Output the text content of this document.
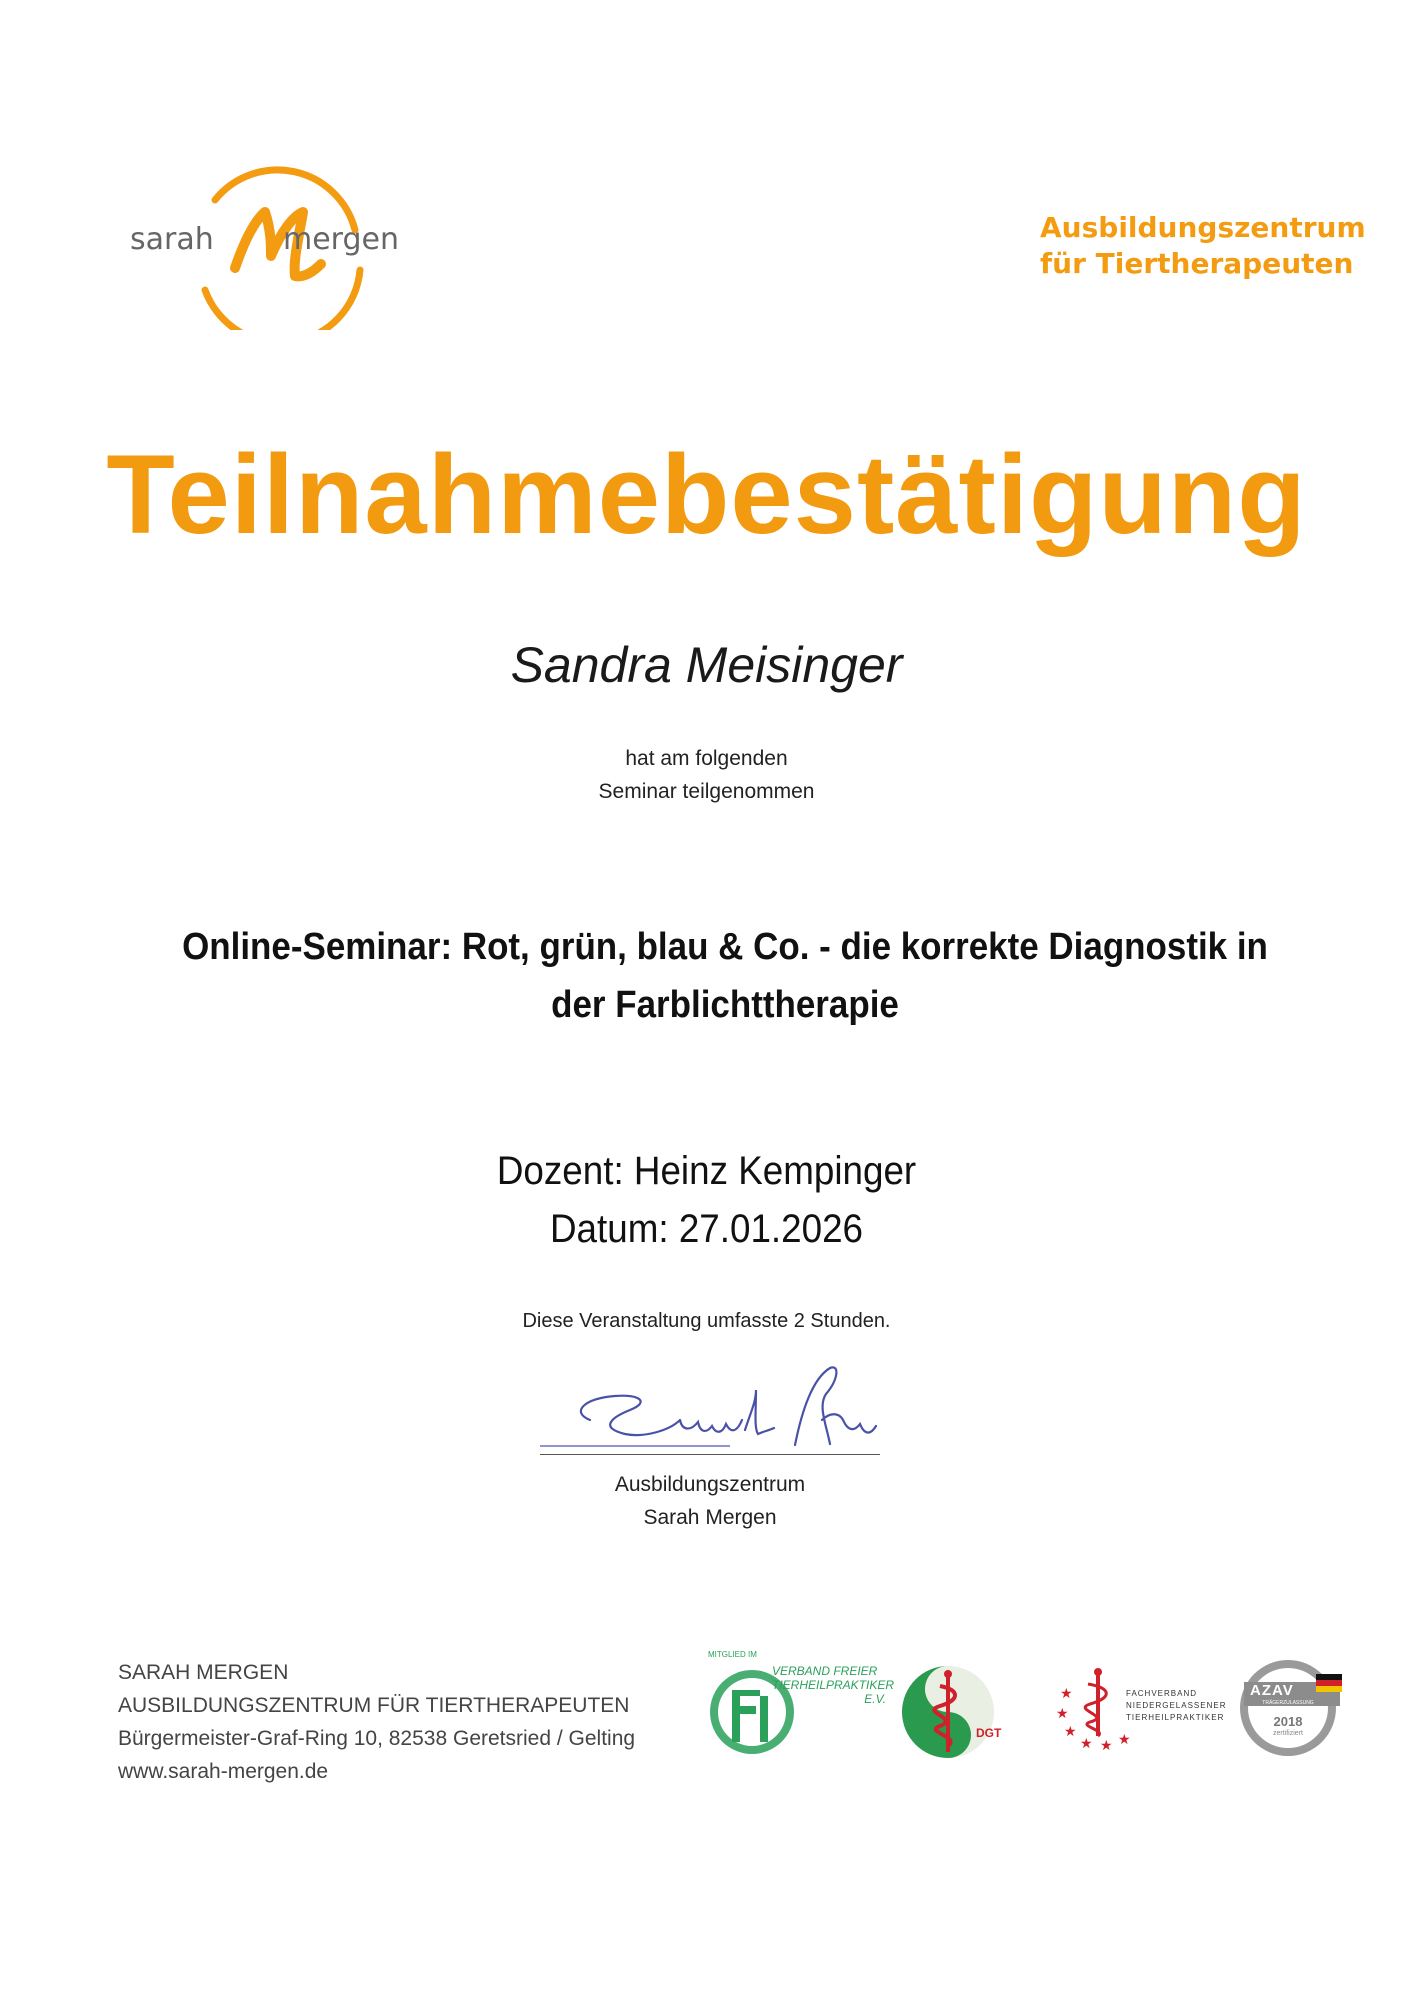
sarah mergen	Ausbildungszentrum
für Tiertherapeuten
Teilnahmebestätigung
Sandra Meisinger
hat am folgenden
Seminar teilgenommen
Online-Seminar: Rot, grün, blau & Co. - die korrekte Diagnostik in
der Farblichttherapie
Dozent: Heinz Kempinger
Datum: 27.01.2026
Diese Veranstaltung umfasste 2 Stunden.
Ausbildungszentrum
Sarah Mergen
SARAH MERGEN
AUSBILDUNGSZENTRUM FÜR TIERTHERAPEUTEN
Bürgermeister-Graf-Ring 10, 82538 Geretsried / Gelting
www.sarah-mergen.de
MITGLIED IM
VERBAND FREIER
TIERHEILPRAKTIKER
E.V.
DGT
★
★
★
★ ★ ★
FACHVERBAND
NIEDERGELASSENER
TIERHEILPRAKTIKER
AZAV
TRÄGERZULASSUNG
2018
zertifiziert
